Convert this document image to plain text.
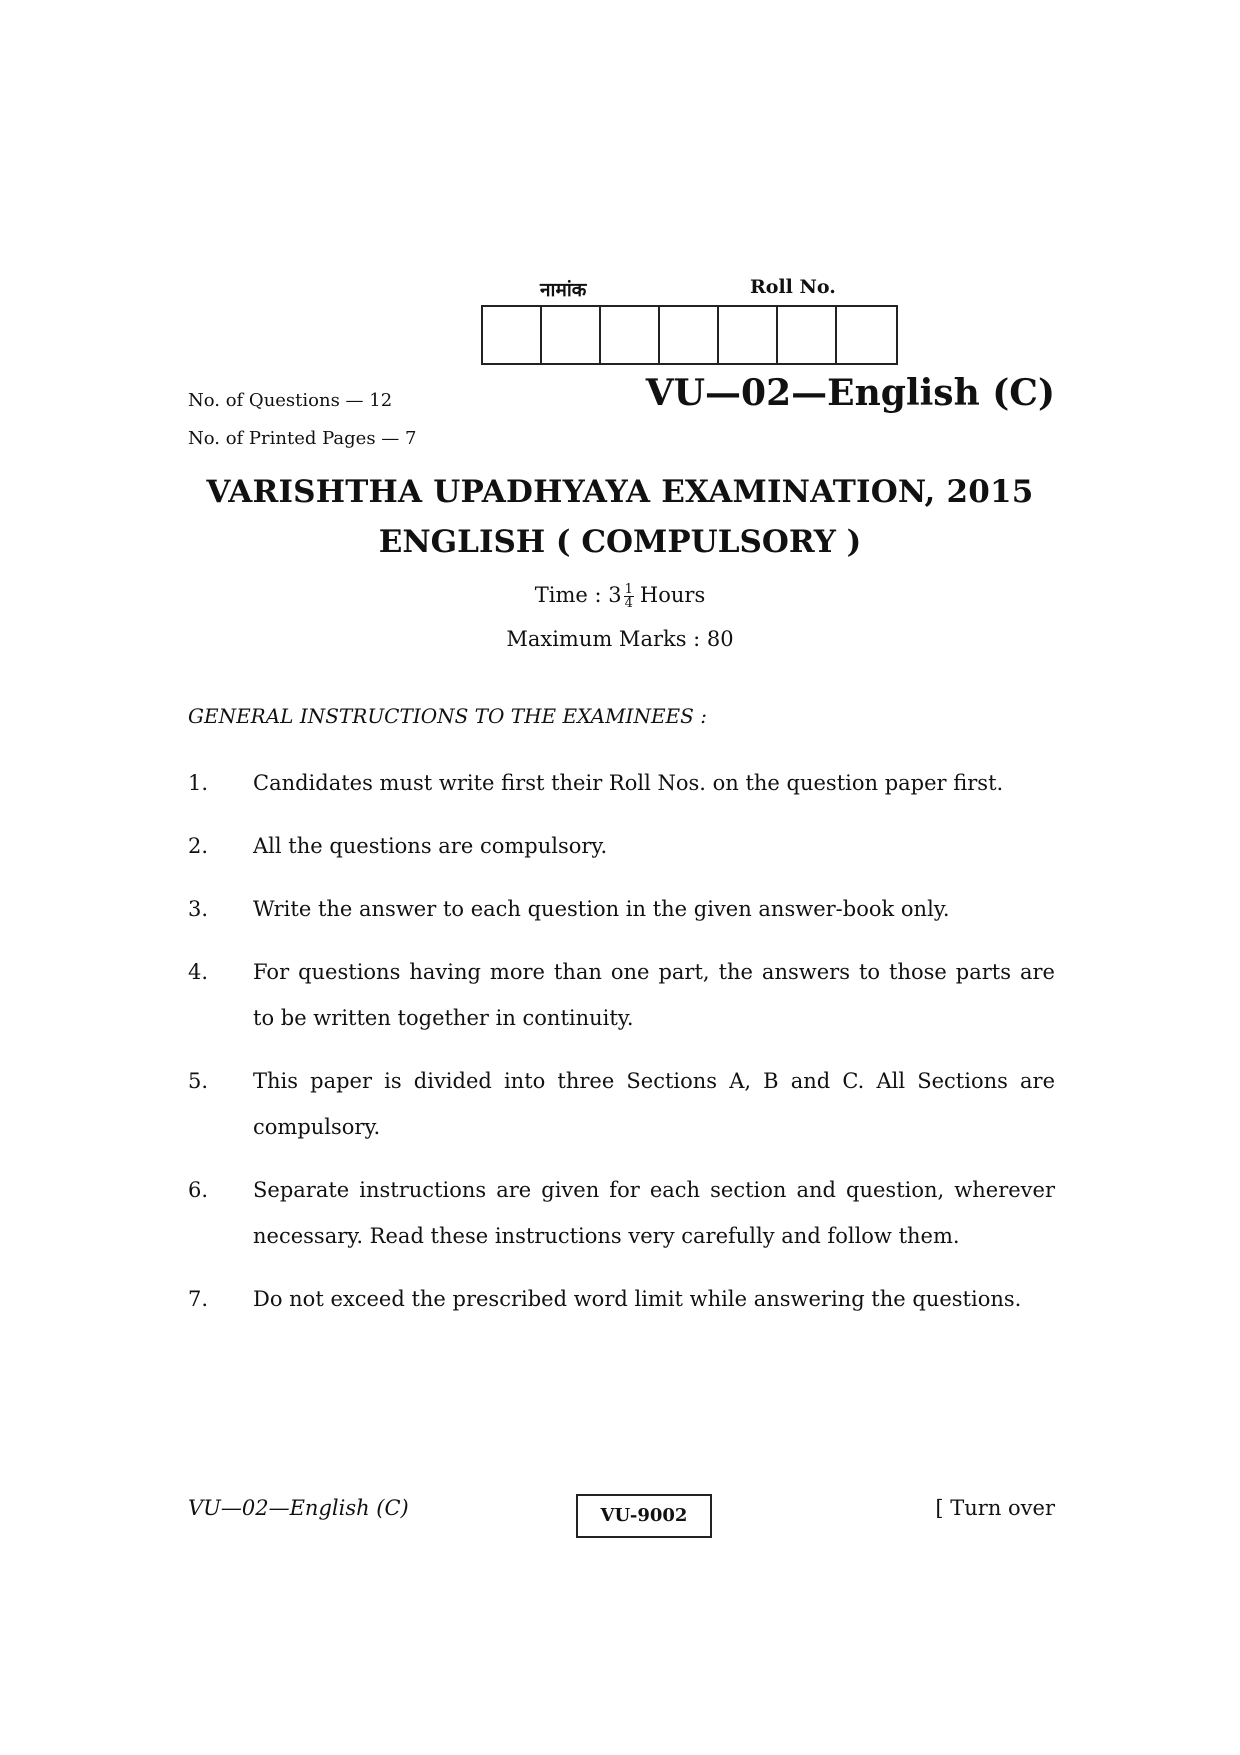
नामांक	Roll No.
No. of Questions — 12
No. of Printed Pages — 7
VU—02—English (C)
VARISHTHA UPADHYAYA EXAMINATION, 2015
ENGLISH ( COMPULSORY )
Time : $3 \frac{1}{4}$ Hours
Maximum Marks : 80
GENERAL INSTRUCTIONS TO THE EXAMINEES :
1. Candidates must write first their Roll Nos. on the question paper first.
2. All the questions are compulsory.
3. Write the answer to each question in the given answer-book only.
4. For questions having more than one part, the answers to those parts are to be written together in continuity.
5. This paper is divided into three Sections A, B and C. All Sections are compulsory.
6. Separate instructions are given for each section and question, wherever necessary. Read these instructions very carefully and follow them.
7. Do not exceed the prescribed word limit while answering the questions.
VU—02—English (C)	VU-9002	[ Turn over
